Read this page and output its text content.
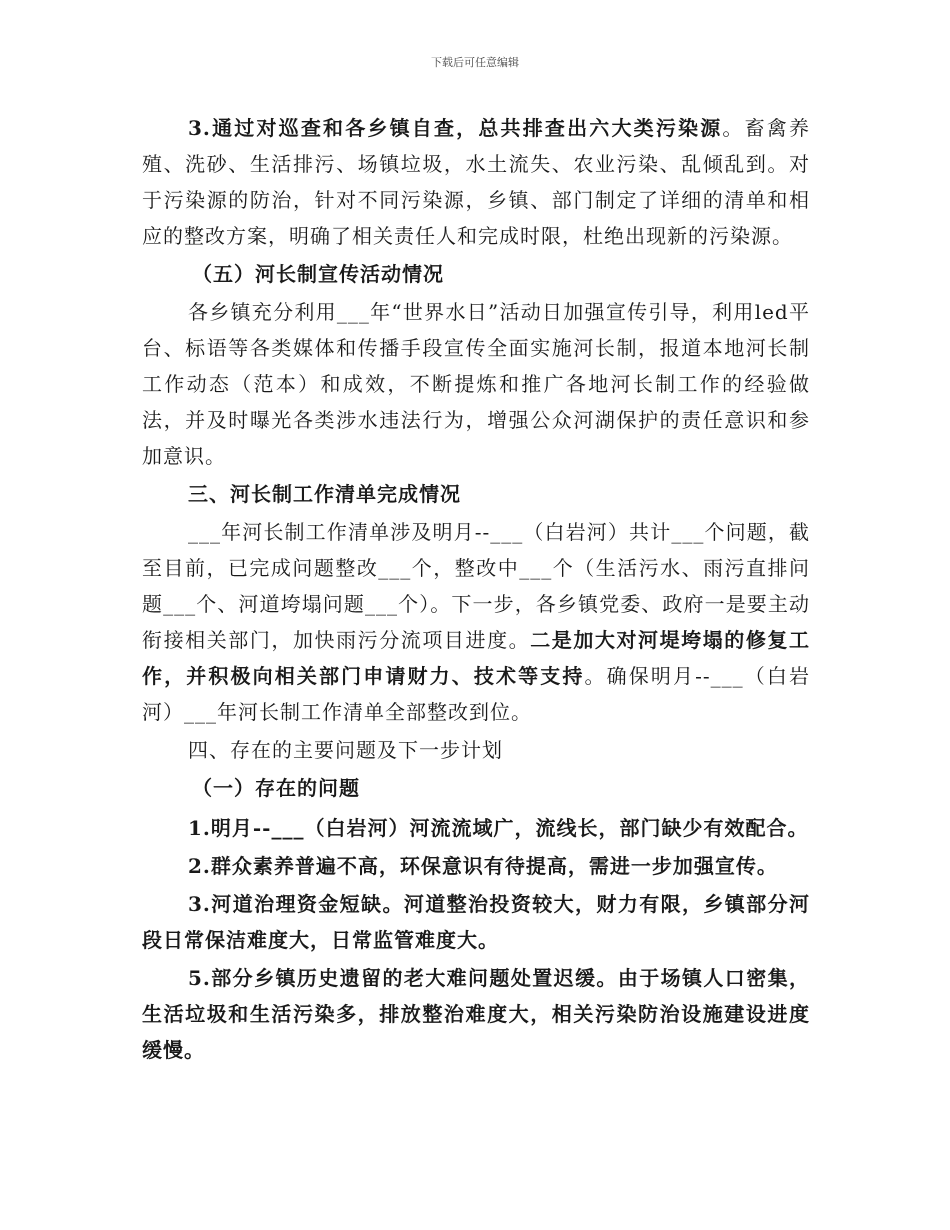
下载后可任意编辑

3.通过对巡查和各乡镇自查，总共排查出六大类污染源。畜禽养殖、洗砂、生活排污、场镇垃圾，水土流失、农业污染、乱倾乱到。对于污染源的防治，针对不同污染源，乡镇、部门制定了详细的清单和相应的整改方案，明确了相关责任人和完成时限，杜绝出现新的污染源。

（五）河长制宣传活动情况

各乡镇充分利用___年“世界水日”活动日加强宣传引导，利用led平台、标语等各类媒体和传播手段宣传全面实施河长制，报道本地河长制工作动态（范本）和成效，不断提炼和推广各地河长制工作的经验做法，并及时曝光各类涉水违法行为，增强公众河湖保护的责任意识和参加意识。

三、河长制工作清单完成情况

___年河长制工作清单涉及明月--___（白岩河）共计___个问题，截至目前，已完成问题整改___个，整改中___个（生活污水、雨污直排问题___个、河道垮塌问题___个）。下一步，各乡镇党委、政府一是要主动衔接相关部门，加快雨污分流项目进度。二是加大对河堤垮塌的修复工作，并积极向相关部门申请财力、技术等支持。确保明月--___（白岩河）___年河长制工作清单全部整改到位。

四、存在的主要问题及下一步计划

（一）存在的问题

1.明月--___（白岩河）河流流域广，流线长，部门缺少有效配合。

2.群众素养普遍不高，环保意识有待提高，需进一步加强宣传。

3.河道治理资金短缺。河道整治投资较大，财力有限，乡镇部分河段日常保洁难度大，日常监管难度大。

5.部分乡镇历史遗留的老大难问题处置迟缓。由于场镇人口密集，生活垃圾和生活污染多，排放整治难度大，相关污染防治设施建设进度缓慢。
